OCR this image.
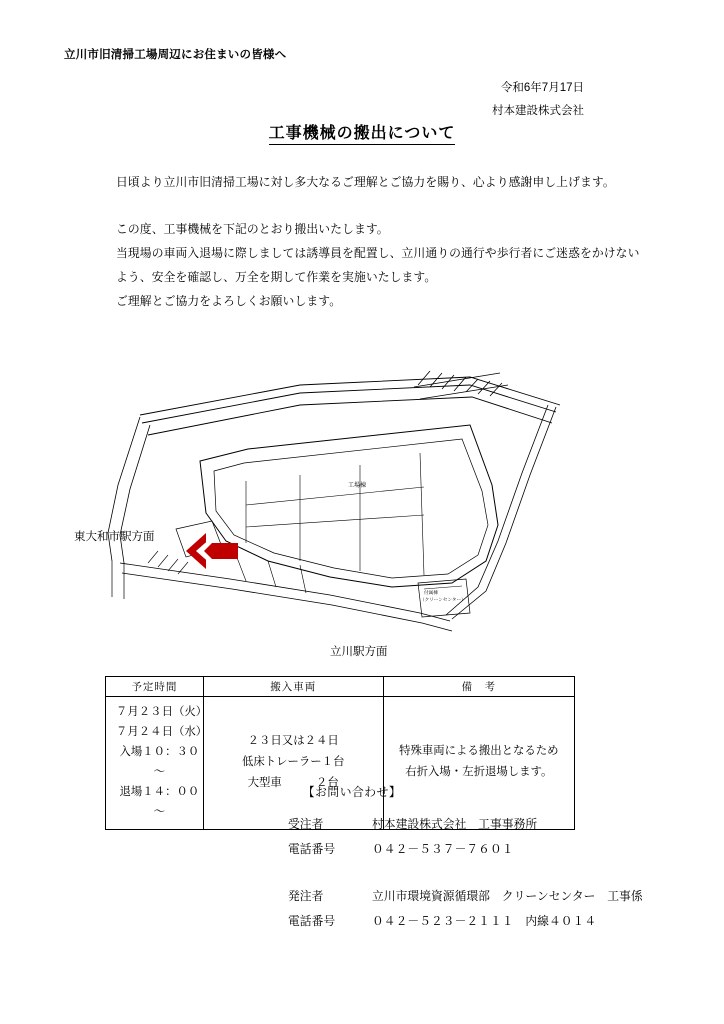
立川市旧清掃工場周辺にお住まいの皆様へ
令和6年7月17日
村本建設株式会社
工事機械の搬出について

日頃より立川市旧清掃工場に対し多大なるご理解とご協力を賜り、心より感謝申し上げます。

この度、工事機械を下記のとおり搬出いたします。

当現場の車両入退場に際しましては誘導員を配置し、立川通りの通行や歩行者にご迷惑をかけないよう、安全を確認し、万全を期して作業を実施いたします。

ご理解とご協力をよろしくお願いします。

工場棟
付属棟
（クリーンセンター）
東大和市駅方面
立川駅方面
予定時間	搬入車両	備　考

７月２３日（火）
７月２４日（水）
入場１０：３０～
退場１４：００～

２３日又は２４日
低床トレーラー１台
大型車　　　２台

特殊車両による搬出となるため
右折入場・左折退場します。
【お問い合わせ】
受注者	村本建設株式会社　工事事務所
電話番号	０４２－５３７－７６０１
発注者	立川市環境資源循環部　クリーンセンター　工事係
電話番号	０４２－５２３－２１１１　内線４０１４
